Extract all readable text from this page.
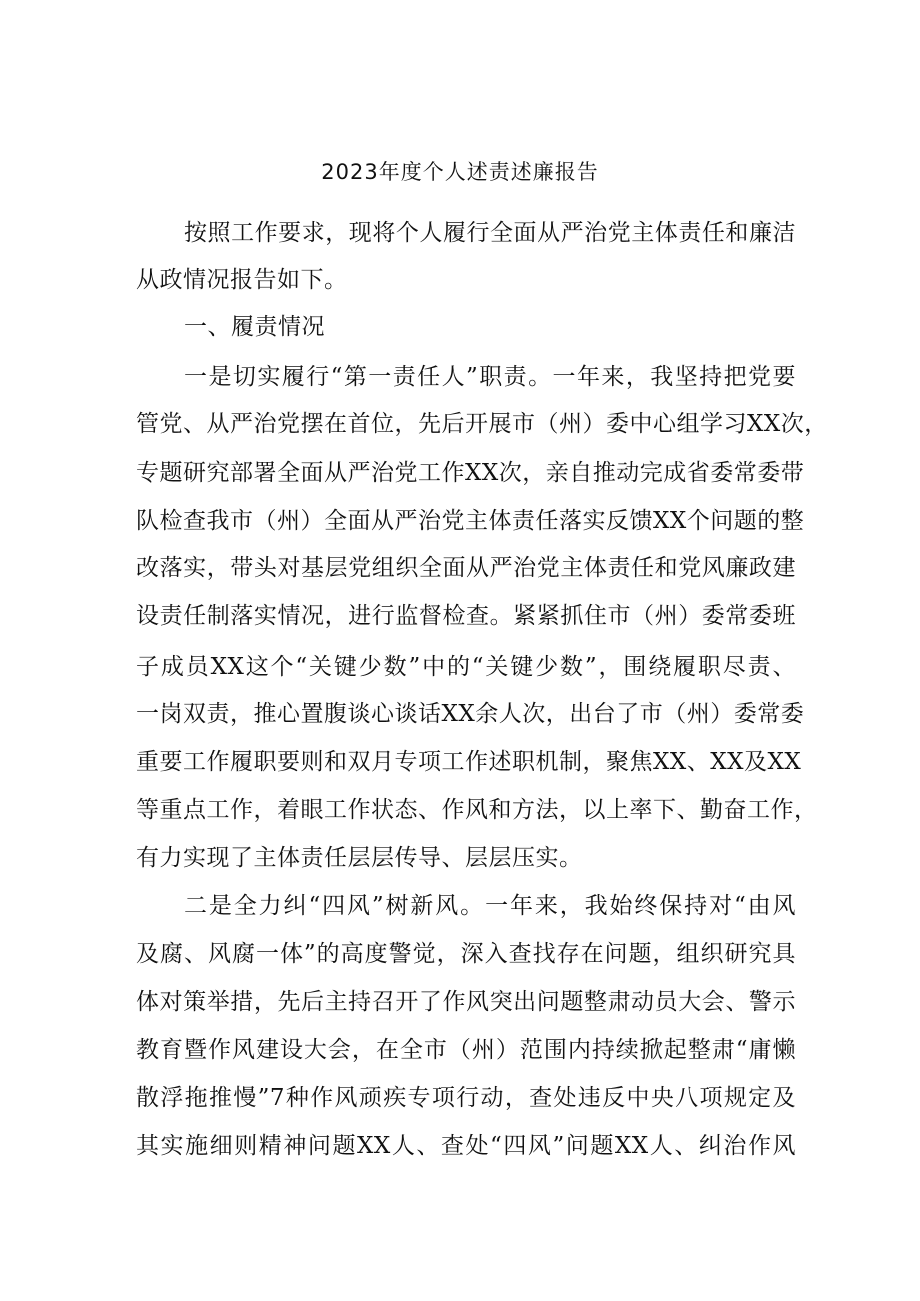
2023年度个人述责述廉报告
按照工作要求，现将个人履行全面从严治党主体责任和廉洁
从政情况报告如下。
一、履责情况
一是切实履行“第一责任人”职责。一年来，我坚持把党要
管党、从严治党摆在首位，先后开展市（州）委中心组学习XX次，
专题研究部署全面从严治党工作XX次，亲自推动完成省委常委带
队检查我市（州）全面从严治党主体责任落实反馈XX个问题的整
改落实，带头对基层党组织全面从严治党主体责任和党风廉政建
设责任制落实情况，进行监督检查。紧紧抓住市（州）委常委班
子成员XX这个“关键少数”中的“关键少数”，围绕履职尽责、
一岗双责，推心置腹谈心谈话XX余人次，出台了市（州）委常委
重要工作履职要则和双月专项工作述职机制，聚焦XX、XX及XX
等重点工作，着眼工作状态、作风和方法，以上率下、勤奋工作，
有力实现了主体责任层层传导、层层压实。
二是全力纠“四风”树新风。一年来，我始终保持对“由风
及腐、风腐一体”的高度警觉，深入查找存在问题，组织研究具
体对策举措，先后主持召开了作风突出问题整肃动员大会、警示
教育暨作风建设大会，在全市（州）范围内持续掀起整肃“庸懒
散浮拖推慢”7种作风顽疾专项行动，查处违反中央八项规定及
其实施细则精神问题XX人、查处“四风”问题XX人、纠治作风
